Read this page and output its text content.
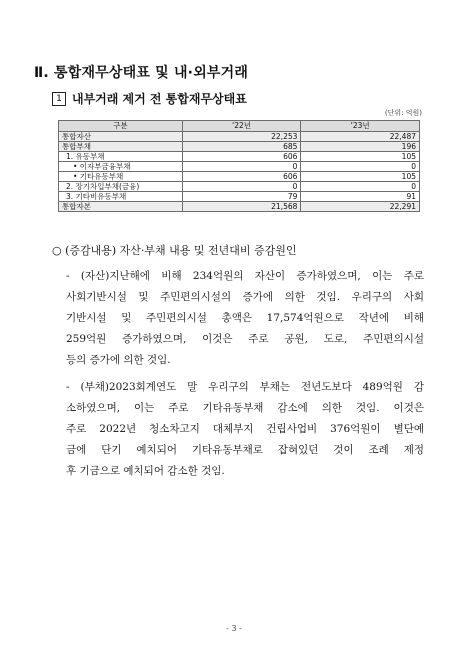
Ⅱ. 통합재무상태표 및 내·외부거래
1 내부거래 제거 전 통합재무상태표
(단위: 억원)
구분	'22년	'23년
통합자산	22,253	22,487
통합부채	685	196
1. 유동부채	606	105
• 이자부금융부채	0	0
• 기타유동부채	606	105
2. 장기차입부채(금융)	0	0
3. 기타비유동부채	79	91
통합자본	21,568	22,291
○ (증감내용) 자산·부채 내용 및 전년대비 증감원인
- (자산)지난해에 비해 234억원의 자산이 증가하였으며, 이는 주로
사회기반시설 및 주민편의시설의 증가에 의한 것임. 우리구의 사회
기반시설 및 주민편의시설 총액은 17,574억원으로 작년에 비해
259억원 증가하였으며, 이것은 주로 공원, 도로, 주민편의시설
등의 증가에 의한 것임.
- (부채)2023회계연도 말 우리구의 부채는 전년도보다 489억원 감
소하였으며, 이는 주로 기타유동부채 감소에 의한 것임. 이것은
주로 2022년 청소차고지 대체부지 건립사업비 376억원이 별단예
금에 단기 예치되어 기타유동부채로 잡혀있던 것이 조례 제정
후 기금으로 예치되어 감소한 것임.
- 3 -
